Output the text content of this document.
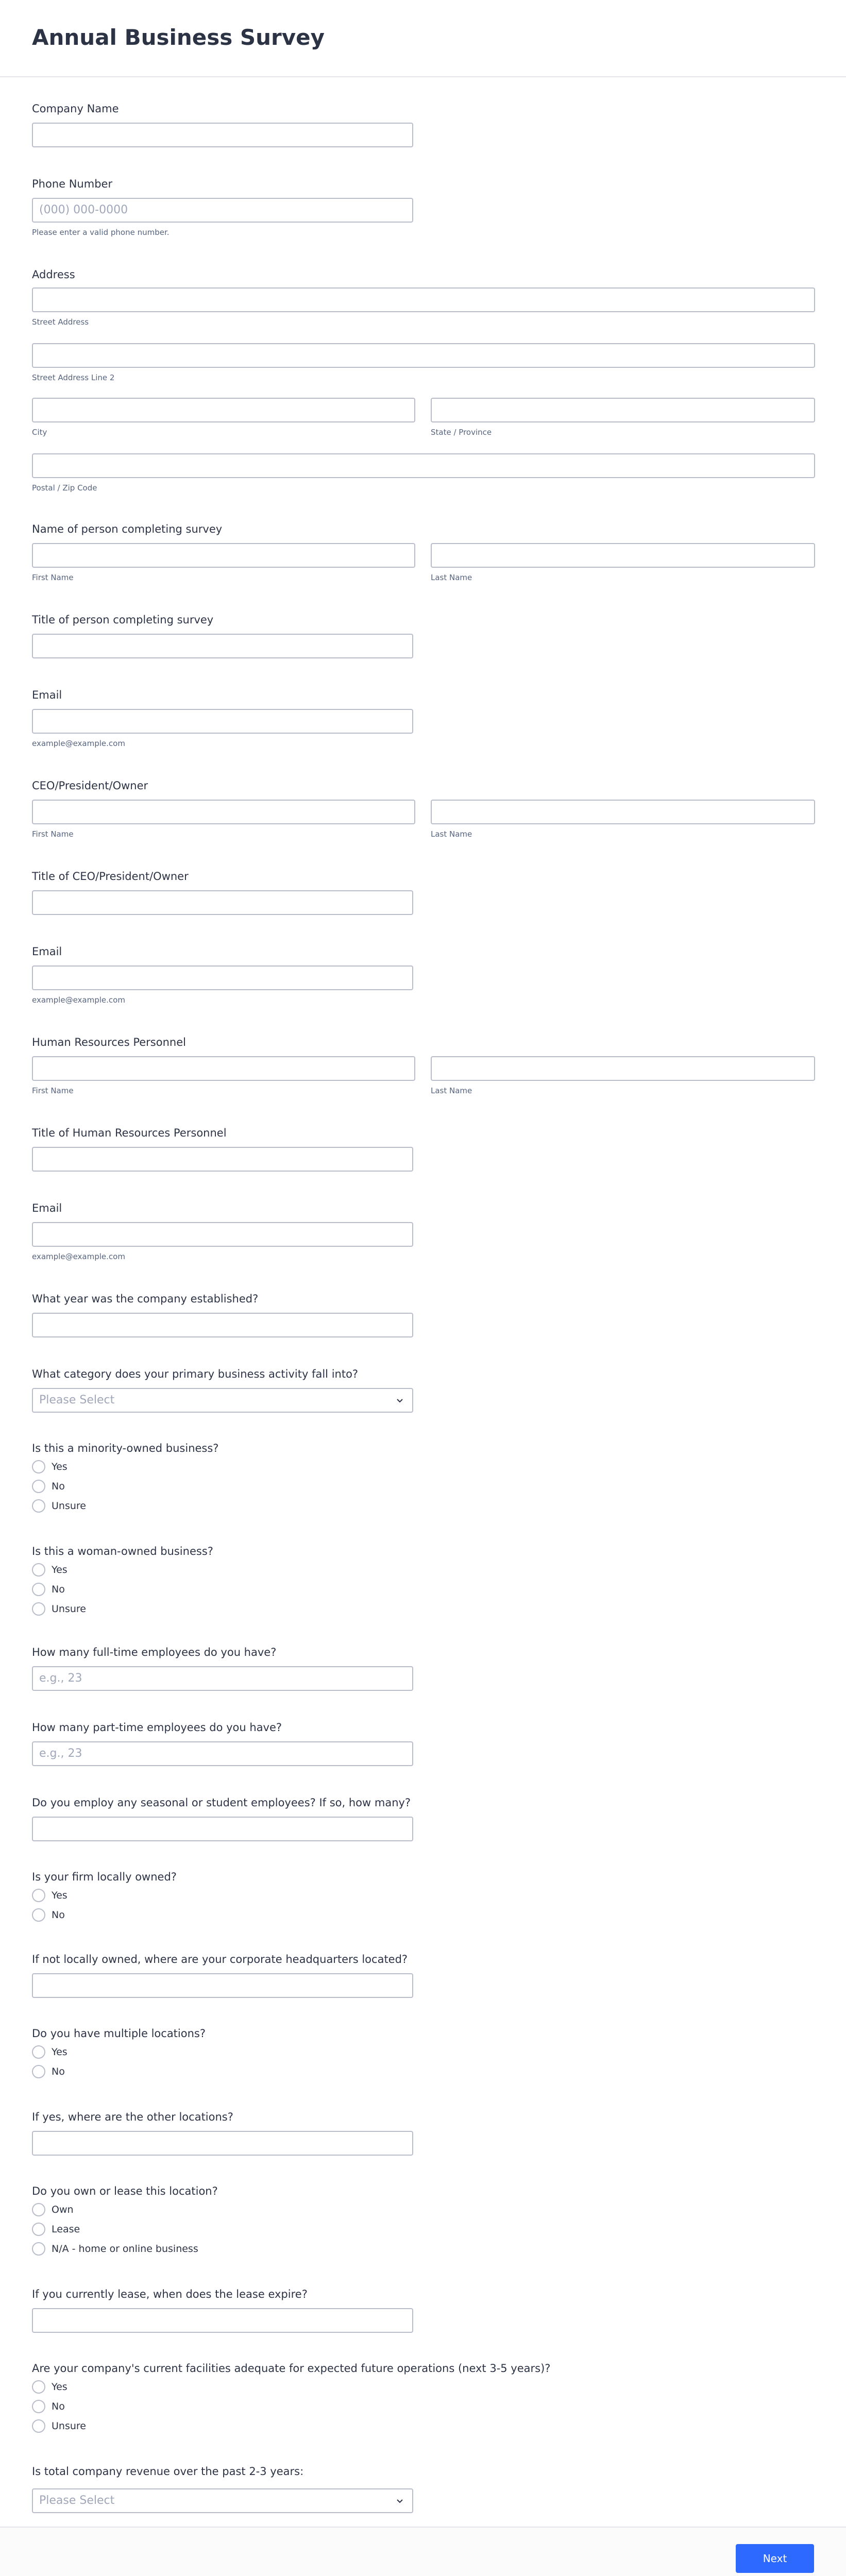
Annual Business Survey
Company Name
Phone Number
(000) 000-0000
Please enter a valid phone number.
Address
Street Address
Street Address Line 2
City	State / Province
Postal / Zip Code
Name of person completing survey
First Name	Last Name
Title of person completing survey
Email
example@example.com
CEO/President/Owner
First Name	Last Name
Title of CEO/President/Owner
Email
example@example.com
Human Resources Personnel
First Name	Last Name
Title of Human Resources Personnel
Email
example@example.com
What year was the company established?
What category does your primary business activity fall into?
Please Select
Is this a minority-owned business?
Yes
No
Unsure
Is this a woman-owned business?
Yes
No
Unsure
How many full-time employees do you have?
e.g., 23
How many part-time employees do you have?
e.g., 23
Do you employ any seasonal or student employees? If so, how many?
Is your firm locally owned?
Yes
No
If not locally owned, where are your corporate headquarters located?
Do you have multiple locations?
Yes
No
If yes, where are the other locations?
Do you own or lease this location?
Own
Lease
N/A - home or online business
If you currently lease, when does the lease expire?
Are your company's current facilities adequate for expected future operations (next 3-5 years)?
Yes
No
Unsure
Is total company revenue over the past 2-3 years:
Please Select
Next
